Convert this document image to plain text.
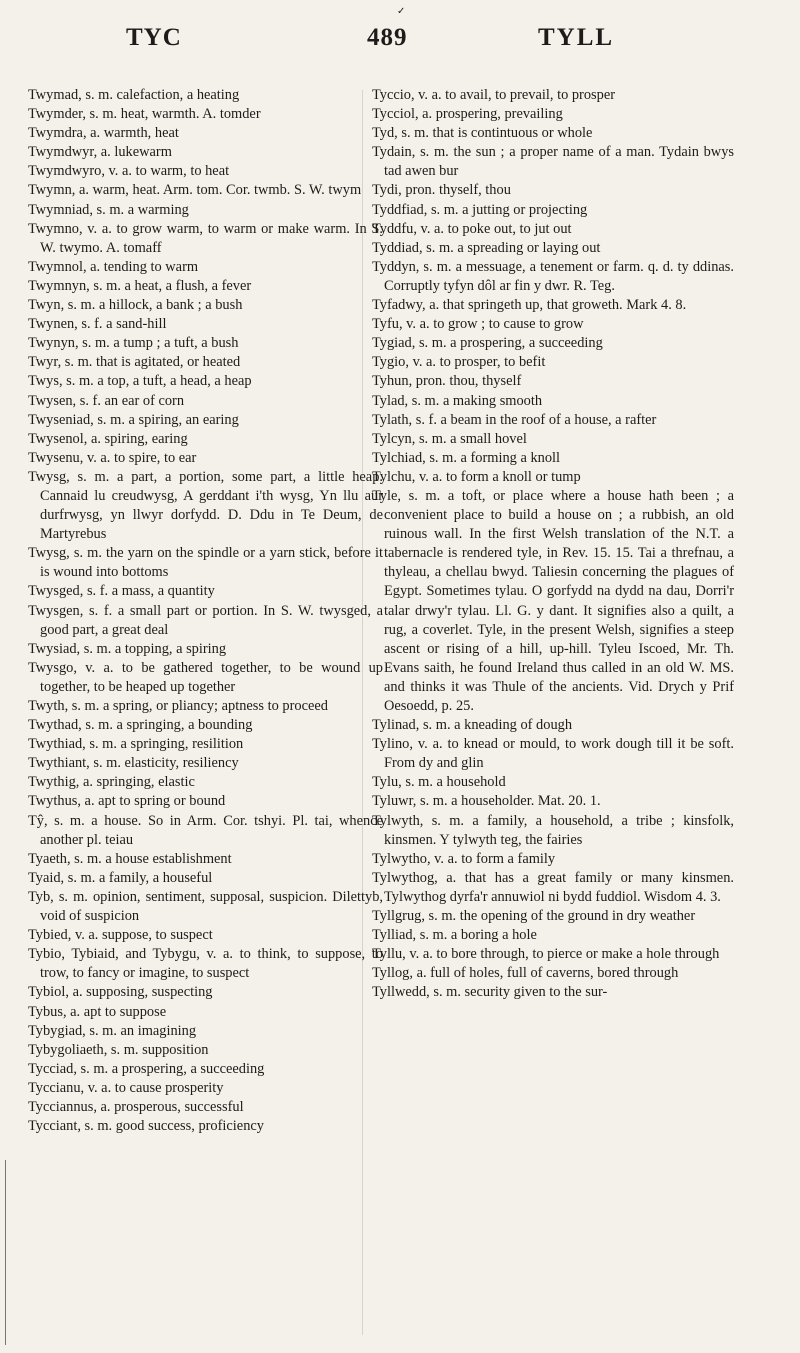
✓
TYC	489	TYLL

Twymad, s. m. calefaction, a heating

Twymder, s. m. heat, warmth. A. tomder

Twymdra, a. warmth, heat

Twymdwyr, a. lukewarm

Twymdwyro, v. a. to warm, to heat

Twymn, a. warm, heat. Arm. tom. Cor. twmb. S. W. twym

Twymniad, s. m. a warming

Twymno, v. a. to grow warm, to warm or make warm. In S. W. twymo. A. tomaff

Twymnol, a. tending to warm

Twymnyn, s. m. a heat, a flush, a fever

Twyn, s. m. a hillock, a bank ; a bush

Twynen, s. f. a sand-hill

Twynyn, s. m. a tump ; a tuft, a bush

Twyr, s. m. that is agitated, or heated

Twys, s. m. a top, a tuft, a head, a heap

Twysen, s. f. an ear of corn

Twyseniad, s. m. a spiring, an earing

Twysenol, a. spiring, earing

Twysenu, v. a. to spire, to ear

Twysg, s. m. a part, a portion, some part, a little heap. Cannaid lu creudwysg, A gerddant i'th wysg, Yn llu aur durfrwysg, yn llwyr dorfydd. D. Ddu in Te Deum, de Martyrebus

Twysg, s. m. the yarn on the spindle or a yarn stick, before it is wound into bottoms

Twysged, s. f. a mass, a quantity

Twysgen, s. f. a small part or portion. In S. W. twysged, a good part, a great deal

Twysiad, s. m. a topping, a spiring

Twysgo, v. a. to be gathered together, to be wound up together, to be heaped up together

Twyth, s. m. a spring, or pliancy; aptness to proceed

Twythad, s. m. a springing, a bounding

Twythiad, s. m. a springing, resilition

Twythiant, s. m. elasticity, resiliency

Twythig, a. springing, elastic

Twythus, a. apt to spring or bound

Tŷ, s. m. a house. So in Arm. Cor. tshyi. Pl. tai, whence another pl. teiau

Tyaeth, s. m. a house establishment

Tyaid, s. m. a family, a houseful

Tyb, s. m. opinion, sentiment, supposal, suspicion. Dilettyb, void of suspicion

Tybied, v. a. suppose, to suspect

Tybio, Tybiaid, and Tybygu, v. a. to think, to suppose, to trow, to fancy or imagine, to suspect

Tybiol, a. supposing, suspecting

Tybus, a. apt to suppose

Tybygiad, s. m. an imagining

Tybygoliaeth, s. m. supposition

Tycciad, s. m. a prospering, a succeeding

Tyccianu, v. a. to cause prosperity

Tycciannus, a. prosperous, successful

Tycciant, s. m. good success, proficiency

Tyccio, v. a. to avail, to prevail, to prosper

Tycciol, a. prospering, prevailing

Tyd, s. m. that is contintuous or whole

Tydain, s. m. the sun ; a proper name of a man. Tydain bwys tad awen bur

Tydi, pron. thyself, thou

Tyddfiad, s. m. a jutting or projecting

Tyddfu, v. a. to poke out, to jut out

Tyddiad, s. m. a spreading or laying out

Tyddyn, s. m. a messuage, a tenement or farm. q. d. ty ddinas. Corruptly tyfyn dôl ar fin y dwr. R. Teg.

Tyfadwy, a. that springeth up, that groweth. Mark 4. 8.

Tyfu, v. a. to grow ; to cause to grow

Tygiad, s. m. a prospering, a succeeding

Tygio, v. a. to prosper, to befit

Tyhun, pron. thou, thyself

Tylad, s. m. a making smooth

Tylath, s. f. a beam in the roof of a house, a rafter

Tylcyn, s. m. a small hovel

Tylchiad, s. m. a forming a knoll

Tylchu, v. a. to form a knoll or tump

Tyle, s. m. a toft, or place where a house hath been ; a convenient place to build a house on ; a rubbish, an old ruinous wall. In the first Welsh translation of the N.T. a tabernacle is rendered tyle, in Rev. 15. 15. Tai a threfnau, a thyleau, a chellau bwyd. Taliesin concerning the plagues of Egypt. Sometimes tylau. O gorfydd na dydd na dau, Dorri'r talar drwy'r tylau. Ll. G. y dant. It signifies also a quilt, a rug, a coverlet. Tyle, in the present Welsh, signifies a steep ascent or rising of a hill, up-hill. Tyleu Iscoed, Mr. Th. Evans saith, he found Ireland thus called in an old W. MS. and thinks it was Thule of the ancients. Vid. Drych y Prif Oesoedd, p. 25.

Tylinad, s. m. a kneading of dough

Tylino, v. a. to knead or mould, to work dough till it be soft. From dy and glin

Tylu, s. m. a household

Tyluwr, s. m. a householder. Mat. 20. 1.

Tylwyth, s. m. a family, a household, a tribe ; kinsfolk, kinsmen. Y tylwyth teg, the fairies

Tylwytho, v. a. to form a family

Tylwythog, a. that has a great family or many kinsmen. Tylwythog dyrfa'r annuwiol ni bydd fuddiol. Wisdom 4. 3.

Tyllgrug, s. m. the opening of the ground in dry weather

Tylliad, s. m. a boring a hole

Tyllu, v. a. to bore through, to pierce or make a hole through

Tyllog, a. full of holes, full of caverns, bored through

Tyllwedd, s. m. security given to the sur-
